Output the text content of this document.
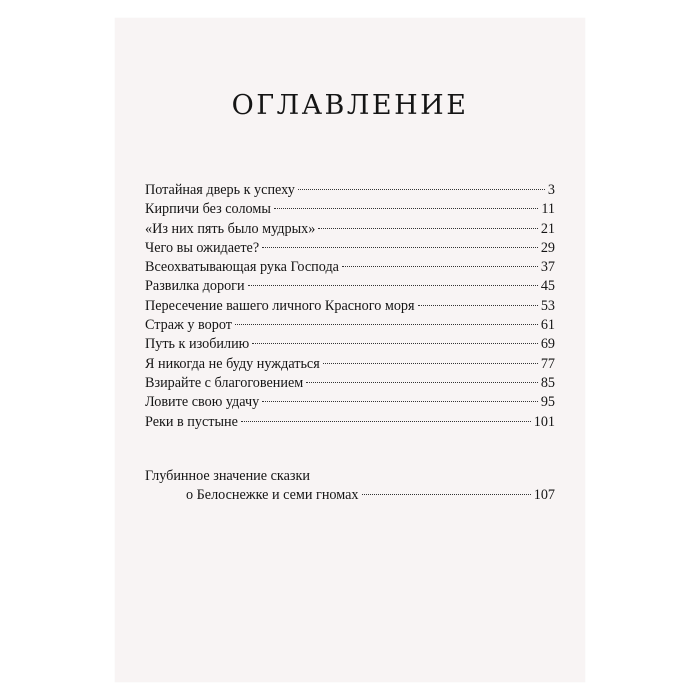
ОГЛАВЛЕНИЕ
Потайная дверь к успеху	3
Кирпичи без соломы	11
«Из них пять было мудрых»	21
Чего вы ожидаете?	29
Всеохватывающая рука Господа	37
Развилка дороги	45
Пересечение вашего личного Красного моря	53
Страж у ворот	61
Путь к изобилию	69
Я никогда не буду нуждаться	77
Взирайте с благоговением	85
Ловите свою удачу	95
Реки в пустыне	101
Глубинное значение сказки
о Белоснежке и семи гномах	107
